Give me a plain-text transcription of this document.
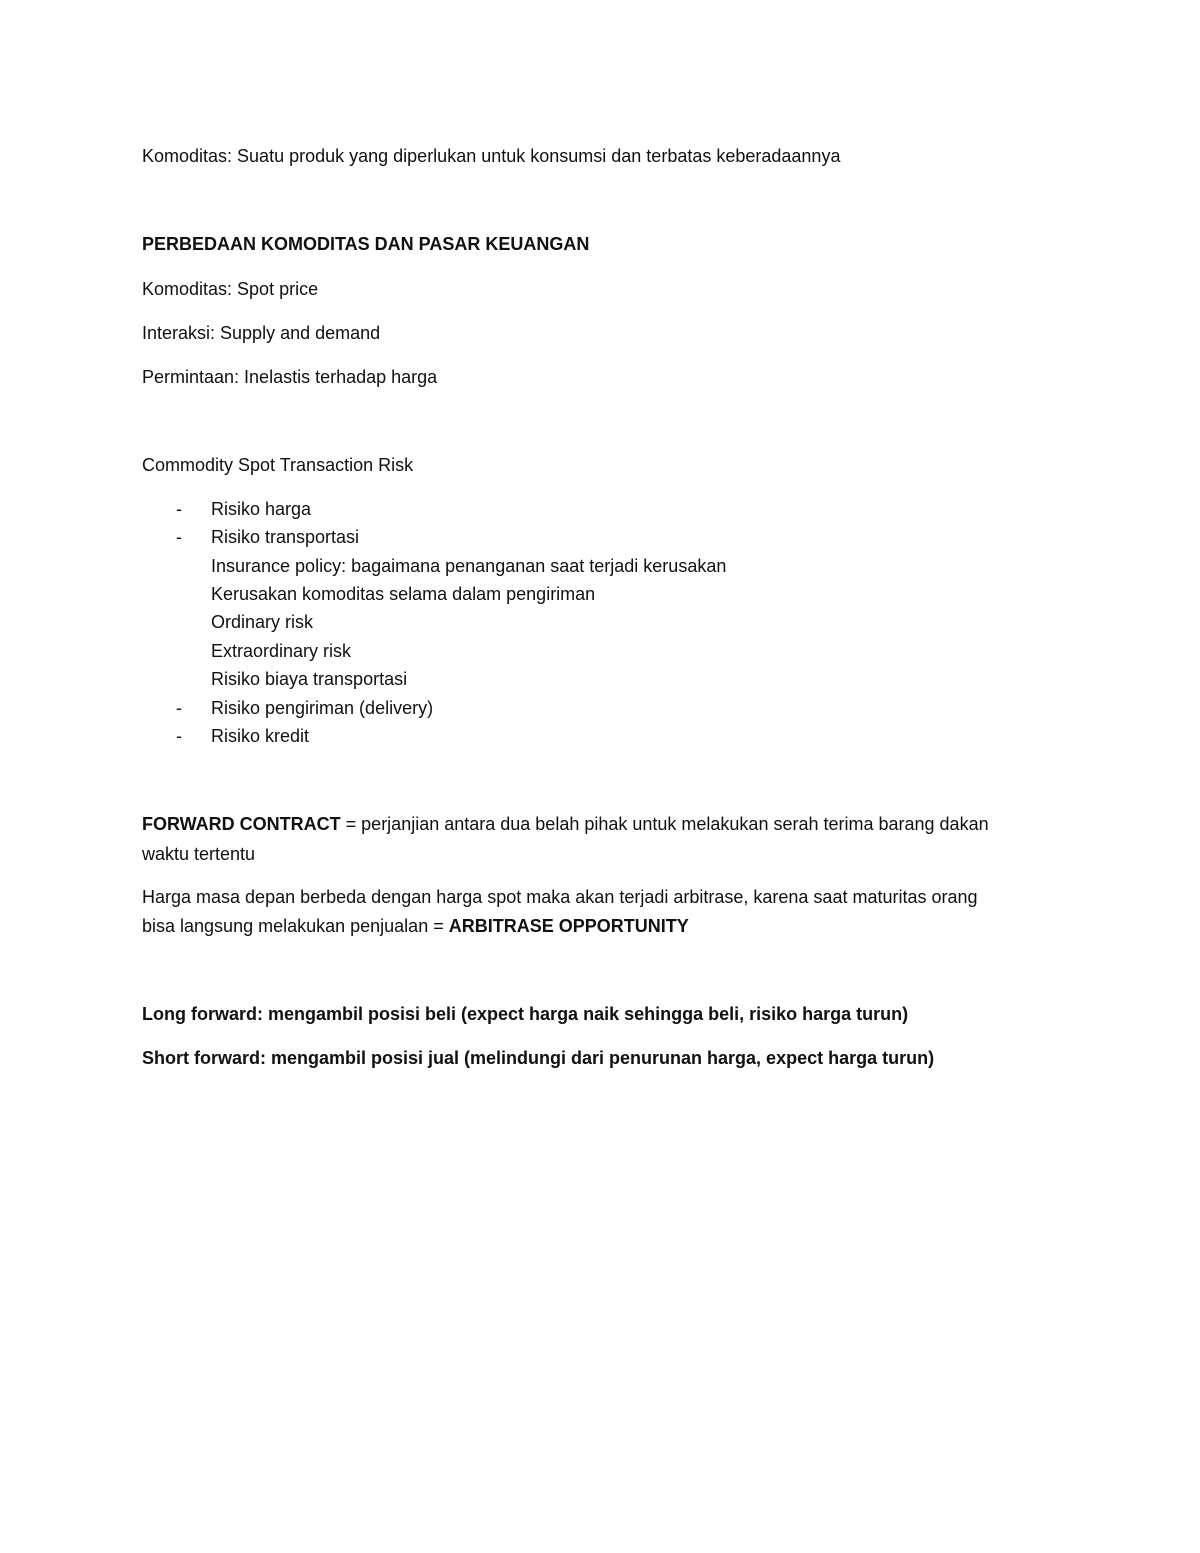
Komoditas: Suatu produk yang diperlukan untuk konsumsi dan terbatas keberadaannya
PERBEDAAN KOMODITAS DAN PASAR KEUANGAN
Komoditas: Spot price
Interaksi: Supply and demand
Permintaan: Inelastis terhadap harga
Commodity Spot Transaction Risk
- Risiko harga
- Risiko transportasi
Insurance policy: bagaimana penanganan saat terjadi kerusakan
Kerusakan komoditas selama dalam pengiriman
Ordinary risk
Extraordinary risk
Risiko biaya transportasi
- Risiko pengiriman (delivery)
- Risiko kredit
FORWARD CONTRACT = perjanjian antara dua belah pihak untuk melakukan serah terima barang dakan
waktu tertentu
Harga masa depan berbeda dengan harga spot maka akan terjadi arbitrase, karena saat maturitas orang
bisa langsung melakukan penjualan = ARBITRASE OPPORTUNITY
Long forward: mengambil posisi beli (expect harga naik sehingga beli, risiko harga turun)
Short forward: mengambil posisi jual (melindungi dari penurunan harga, expect harga turun)
